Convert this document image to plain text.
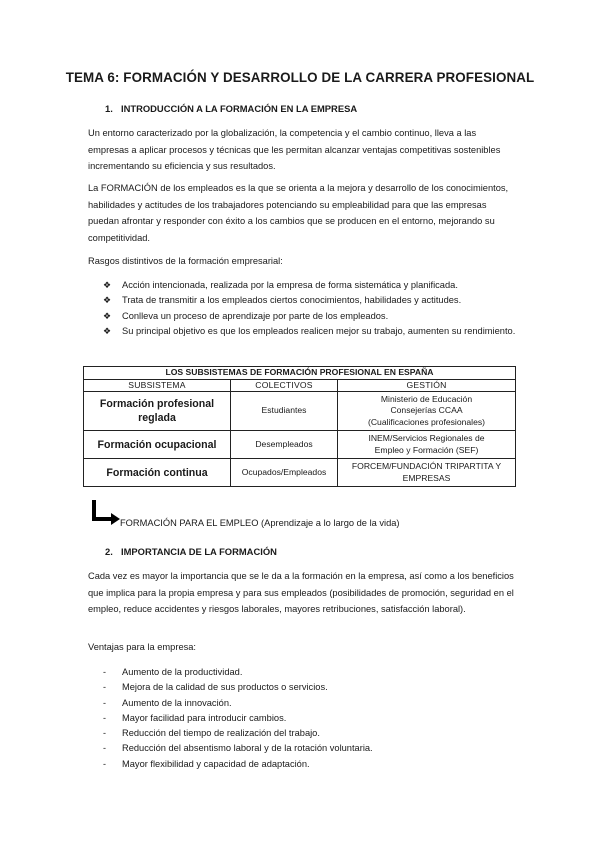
TEMA 6: FORMACIÓN Y DESARROLLO DE LA CARRERA PROFESIONAL
1. INTRODUCCIÓN A LA FORMACIÓN EN LA EMPRESA
Un entorno caracterizado por la globalización, la competencia y el cambio continuo, lleva a las empresas a aplicar procesos y técnicas que les permitan alcanzar ventajas competitivas sostenibles incrementando su eficiencia y sus resultados.
La FORMACIÓN de los empleados es la que se orienta a la mejora y desarrollo de los conocimientos, habilidades y actitudes de los trabajadores potenciando su empleabilidad para que las empresas puedan afrontar y responder con éxito a los cambios que se producen en el entorno, mejorando su competitividad.
Rasgos distintivos de la formación empresarial:
❖ Acción intencionada, realizada por la empresa de forma sistemática y planificada.
❖ Trata de transmitir a los empleados ciertos conocimientos, habilidades y actitudes.
❖ Conlleva un proceso de aprendizaje por parte de los empleados.
❖ Su principal objetivo es que los empleados realicen mejor su trabajo, aumenten su rendimiento.
LOS SUBSISTEMAS DE FORMACIÓN PROFESIONAL EN ESPAÑA		
SUBSISTEMA	COLECTIVOS	GESTIÓN
Formación profesional reglada	Estudiantes	Ministerio de Educación
Consejerías CCAA
(Cualificaciones profesionales)

Formación ocupacional	Desempleados	INEM/Servicios Regionales de
Empleo y Formación (SEF)

Formación continua	Ocupados/Empleados	FORCEM/FUNDACIÓN TRIPARTITA Y
EMPRESAS
FORMACIÓN PARA EL EMPLEO (Aprendizaje a lo largo de la vida)
2. IMPORTANCIA DE LA FORMACIÓN
Cada vez es mayor la importancia que se le da a la formación en la empresa, así como a los beneficios que implica para la propia empresa y para sus empleados (posibilidades de promoción, seguridad en el empleo, reduce accidentes y riesgos laborales, mayores retribuciones, satisfacción laboral).
Ventajas para la empresa:
- Aumento de la productividad.
- Mejora de la calidad de sus productos o servicios.
- Aumento de la innovación.
- Mayor facilidad para introducir cambios.
- Reducción del tiempo de realización del trabajo.
- Reducción del absentismo laboral y de la rotación voluntaria.
- Mayor flexibilidad y capacidad de adaptación.
